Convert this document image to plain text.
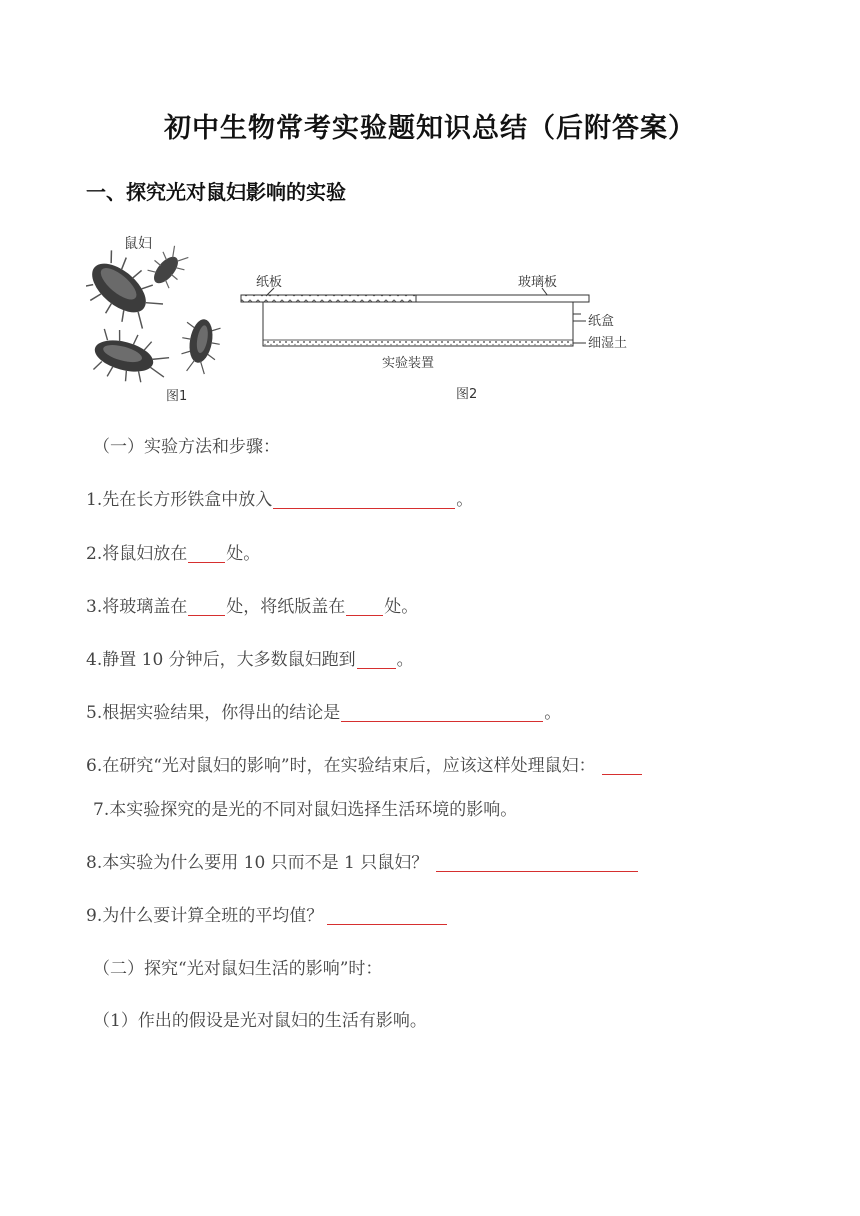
初中生物常考实验题知识总结（后附答案）
一、探究光对鼠妇影响的实验
鼠妇
图1
纸板	玻璃板
纸盒
细湿土
实验装置
图2
（一）实验方法和步骤：
1.先在长方形铁盒中放入	。
2.将鼠妇放在 处。
3.将玻璃盖在 处，将纸版盖在 处。
4.静置 10 分钟后，大多数鼠妇跑到 。
5.根据实验结果，你得出的结论是	。
6.在研究“光对鼠妇的影响”时，在实验结束后，应该这样处理鼠妇：
7.本实验探究的是光的不同对鼠妇选择生活环境的影响。
8.本实验为什么要用 10 只而不是 1 只鼠妇？
9.为什么要计算全班的平均值？
（二）探究“光对鼠妇生活的影响”时：
（1）作出的假设是光对鼠妇的生活有影响。
